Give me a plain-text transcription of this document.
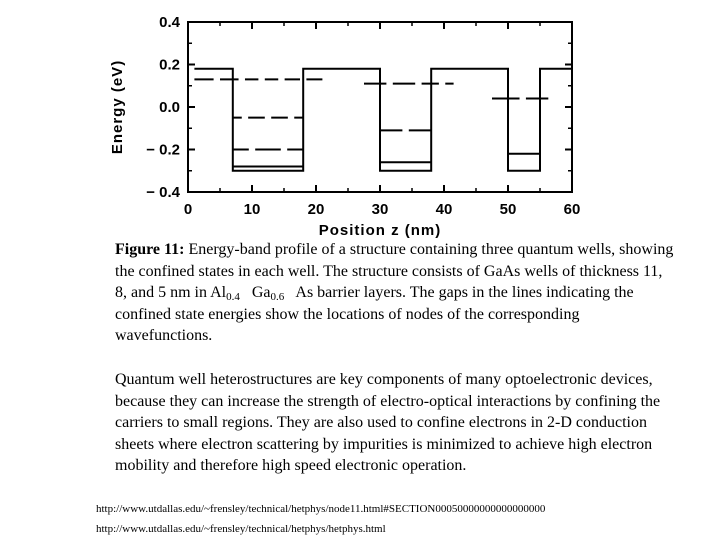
0	10	20	30	40	50	60
0.4
0.2
0.0
− 0.2
− 0.4
Position z (nm)
Energy (eV)
Figure 11: Energy-band profile of a structure containing three quantum wells, showing the confined states in each well. The structure consists of GaAs wells of thickness 11, 8, and 5 nm in $Al_{0.4}$   $Ga_{0.6}$   As barrier layers. The gaps in the lines indicating the confined state energies show the locations of nodes of the corresponding wavefunctions.
Quantum well heterostructures are key components of many optoelectronic devices, because they can increase the strength of electro-optical interactions by confining the carriers to small regions. They are also used to confine electrons in 2-D conduction sheets where electron scattering by impurities is minimized to achieve high electron mobility and therefore high speed electronic operation.
http://www.utdallas.edu/~frensley/technical/hetphys/node11.html#SECTION00050000000000000000
http://www.utdallas.edu/~frensley/technical/hetphys/hetphys.html
